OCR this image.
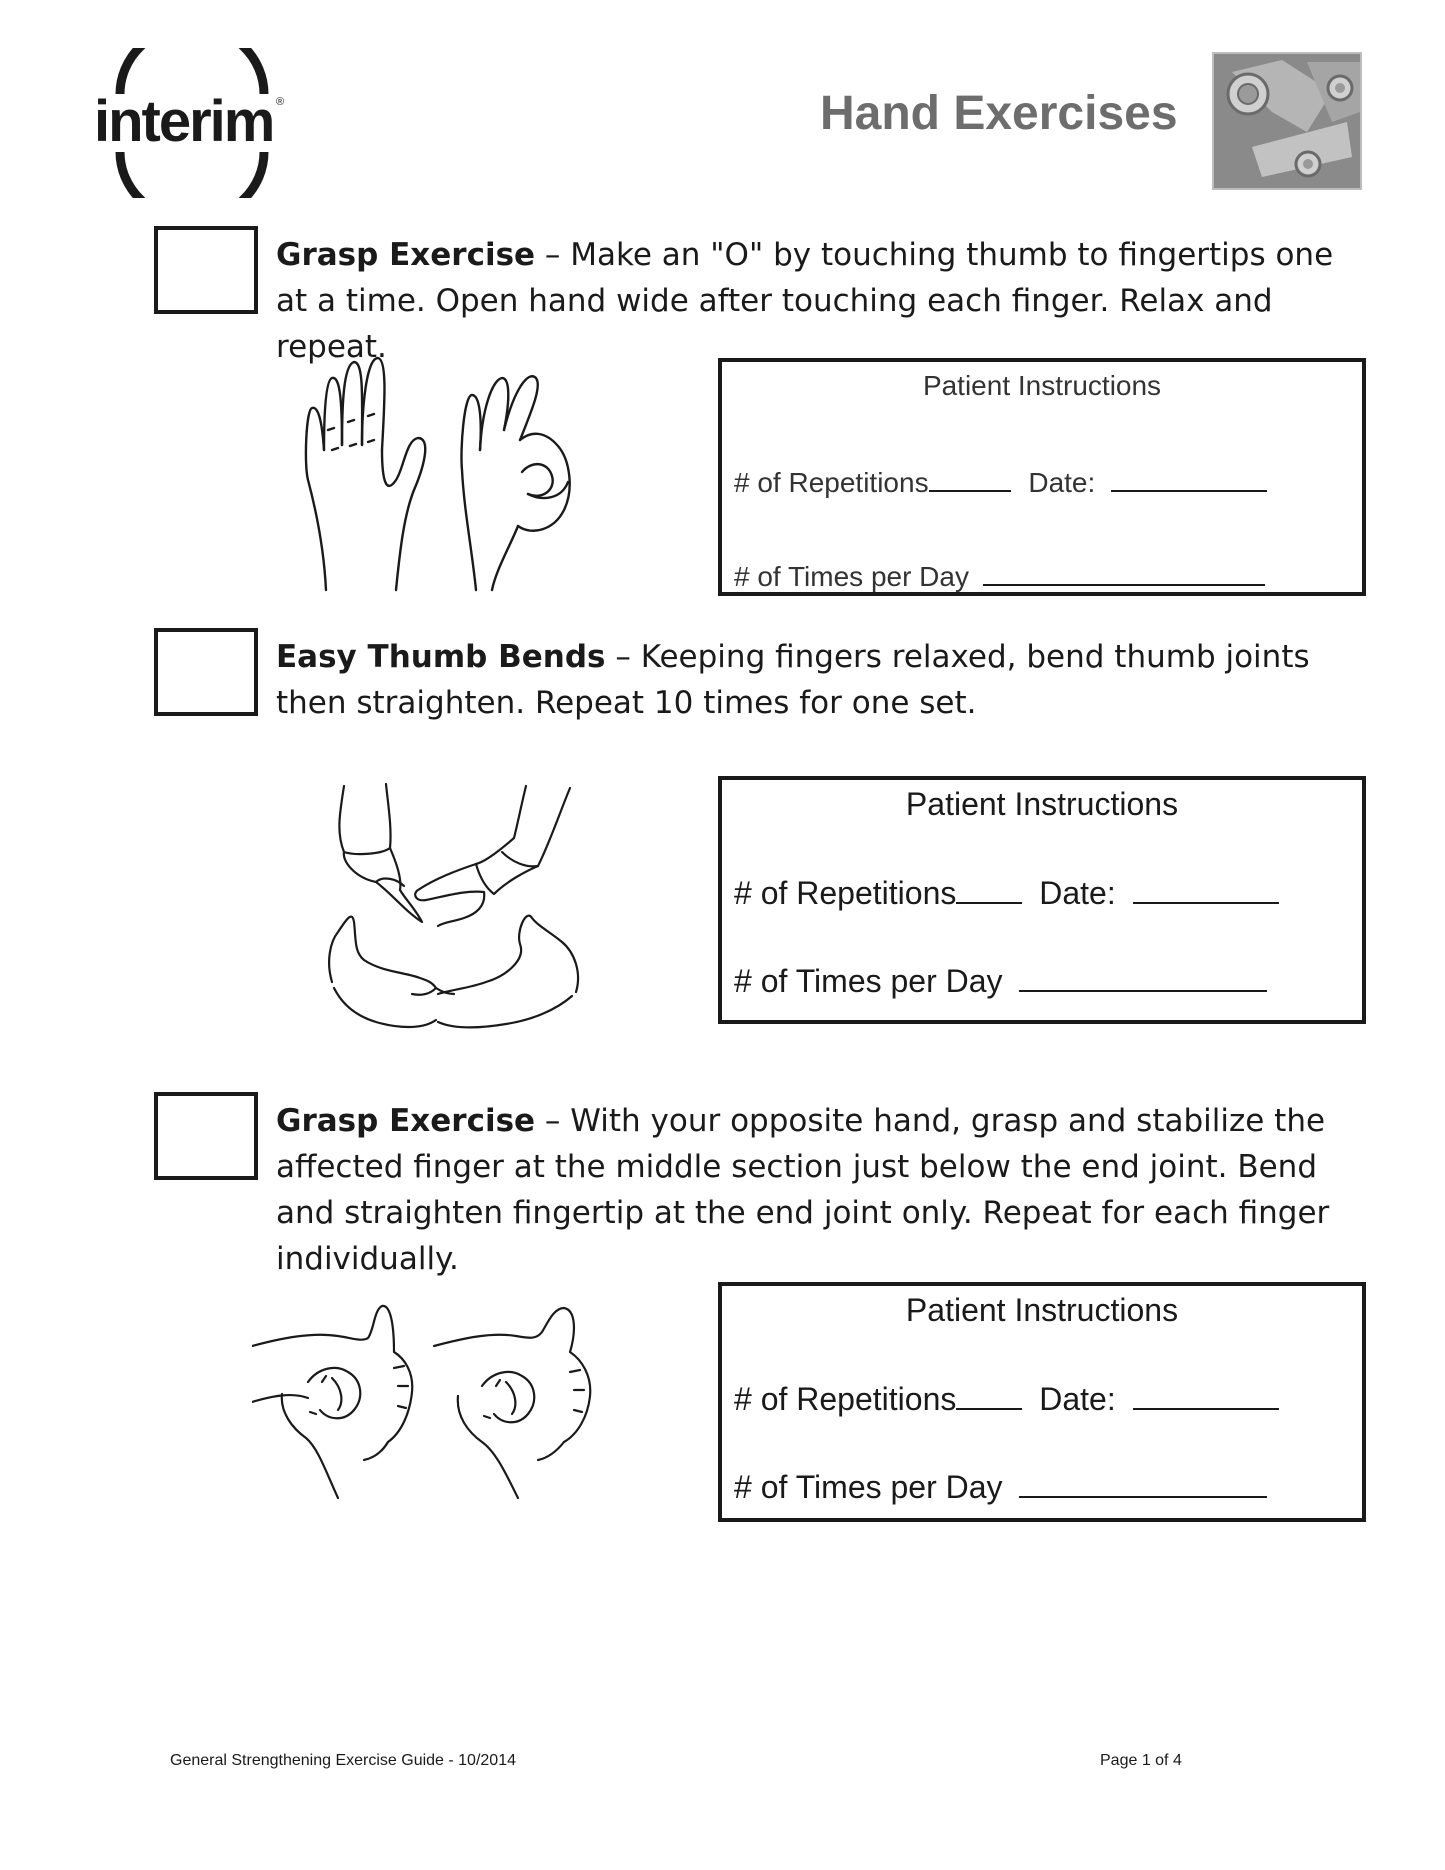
interim ®	Hand Exercises
Grasp Exercise – Make an "O" by touching thumb to fingertips one at a time. Open hand wide after touching each finger. Relax and repeat.
Patient Instructions
# of Repetitions	Date:
# of Times per Day
Easy Thumb Bends – Keeping fingers relaxed, bend thumb joints then straighten. Repeat 10 times for one set.
Patient Instructions
# of Repetitions	Date:
# of Times per Day
Grasp Exercise – With your opposite hand, grasp and stabilize the affected finger at the middle section just below the end joint. Bend and straighten fingertip at the end joint only. Repeat for each finger individually.
Patient Instructions
# of Repetitions	Date:
# of Times per Day
General Strengthening Exercise Guide - 10/2014	Page 1 of 4
